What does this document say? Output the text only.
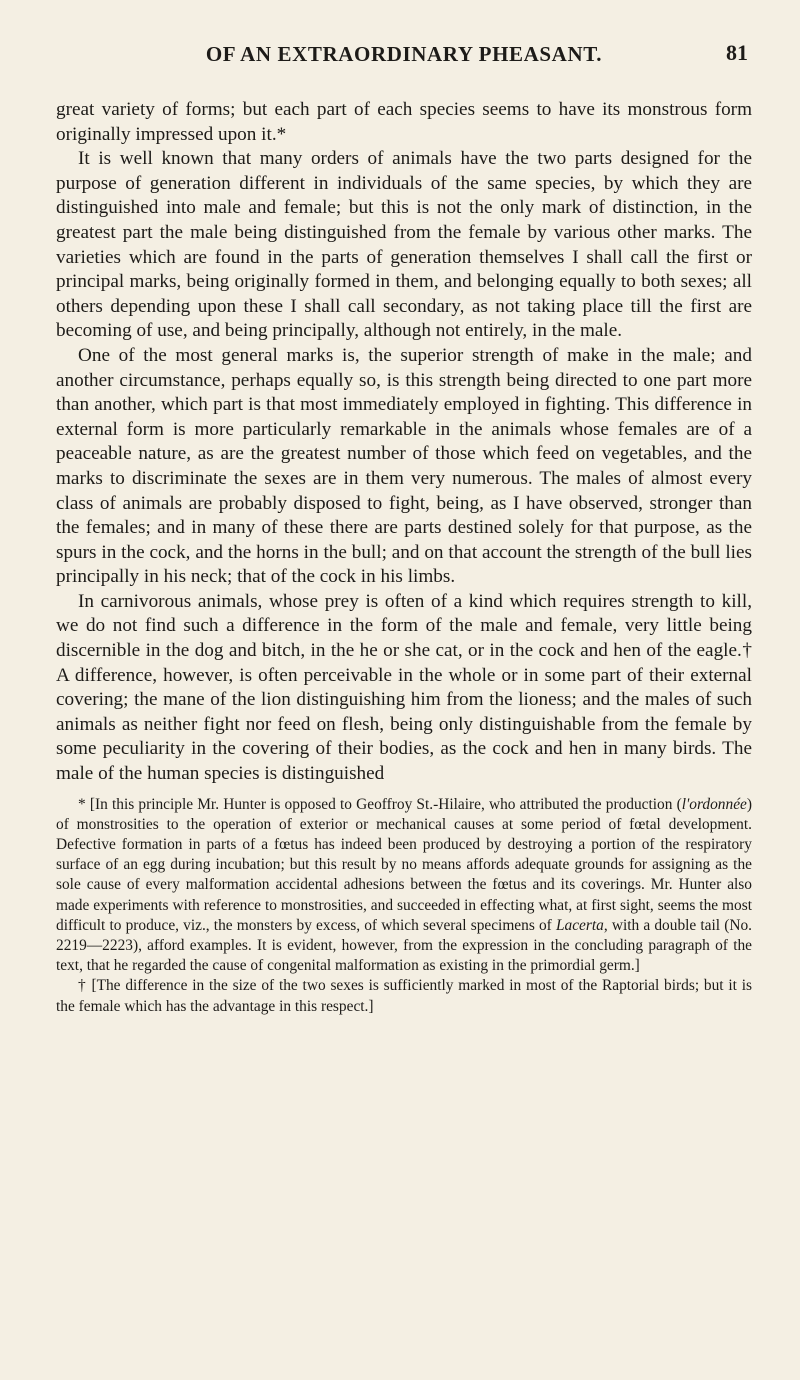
OF AN EXTRAORDINARY PHEASANT.	81

great variety of forms; but each part of each species seems to have its monstrous form originally impressed upon it.*

It is well known that many orders of animals have the two parts designed for the purpose of generation different in individuals of the same species, by which they are distinguished into male and female; but this is not the only mark of distinction, in the greatest part the male being distinguished from the female by various other marks. The varieties which are found in the parts of generation themselves I shall call the first or principal marks, being originally formed in them, and belonging equally to both sexes; all others depending upon these I shall call secondary, as not taking place till the first are becoming of use, and being principally, although not entirely, in the male.

One of the most general marks is, the superior strength of make in the male; and another circumstance, perhaps equally so, is this strength being directed to one part more than another, which part is that most immediately employed in fighting. This difference in external form is more particularly remarkable in the animals whose females are of a peaceable nature, as are the greatest number of those which feed on vegetables, and the marks to discriminate the sexes are in them very numerous. The males of almost every class of animals are probably disposed to fight, being, as I have observed, stronger than the females; and in many of these there are parts destined solely for that purpose, as the spurs in the cock, and the horns in the bull; and on that account the strength of the bull lies principally in his neck; that of the cock in his limbs.

In carnivorous animals, whose prey is often of a kind which requires strength to kill, we do not find such a difference in the form of the male and female, very little being discernible in the dog and bitch, in the he or she cat, or in the cock and hen of the eagle.† A difference, however, is often perceivable in the whole or in some part of their external covering; the mane of the lion distinguishing him from the lioness; and the males of such animals as neither fight nor feed on flesh, being only distinguishable from the female by some peculiarity in the covering of their bodies, as the cock and hen in many birds. The male of the human species is distinguished

* [In this principle Mr. Hunter is opposed to Geoffroy St.-Hilaire, who attributed the production (l'ordonnée) of monstrosities to the operation of exterior or mechanical causes at some period of fœtal development. Defective formation in parts of a fœtus has indeed been produced by destroying a portion of the respiratory surface of an egg during incubation; but this result by no means affords adequate grounds for assigning as the sole cause of every malformation accidental adhesions between the fœtus and its coverings. Mr. Hunter also made experiments with reference to monstrosities, and succeeded in effecting what, at first sight, seems the most difficult to produce, viz., the monsters by excess, of which several specimens of Lacerta, with a double tail (No. 2219—2223), afford examples. It is evident, however, from the expression in the concluding paragraph of the text, that he regarded the cause of congenital malformation as existing in the primordial germ.]

† [The difference in the size of the two sexes is sufficiently marked in most of the Raptorial birds; but it is the female which has the advantage in this respect.]
